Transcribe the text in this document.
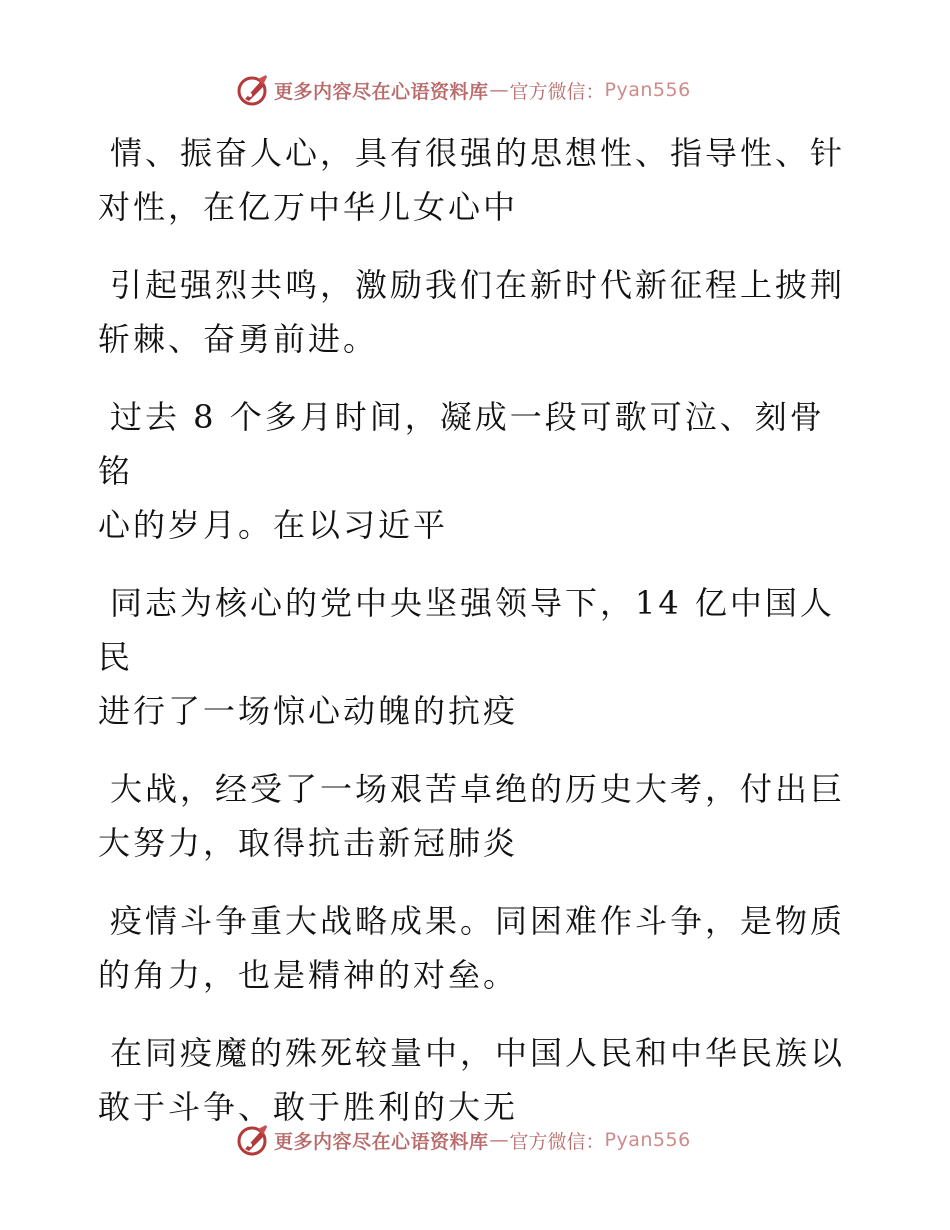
更多内容尽在心语资料库 — 官方微信： Pyan556

情、振奋人心，具有很强的思想性、指导性、针
对性，在亿万中华儿女心中

引起强烈共鸣，激励我们在新时代新征程上披荆
斩棘、奋勇前进。

过去 8 个多月时间，凝成一段可歌可泣、刻骨铭
心的岁月。在以习近平

同志为核心的党中央坚强领导下，14 亿中国人民
进行了一场惊心动魄的抗疫

大战，经受了一场艰苦卓绝的历史大考，付出巨
大努力，取得抗击新冠肺炎

疫情斗争重大战略成果。同困难作斗争，是物质
的角力，也是精神的对垒。

在同疫魔的殊死较量中，中国人民和中华民族以
敢于斗争、敢于胜利的大无

更多内容尽在心语资料库 — 官方微信： Pyan556
